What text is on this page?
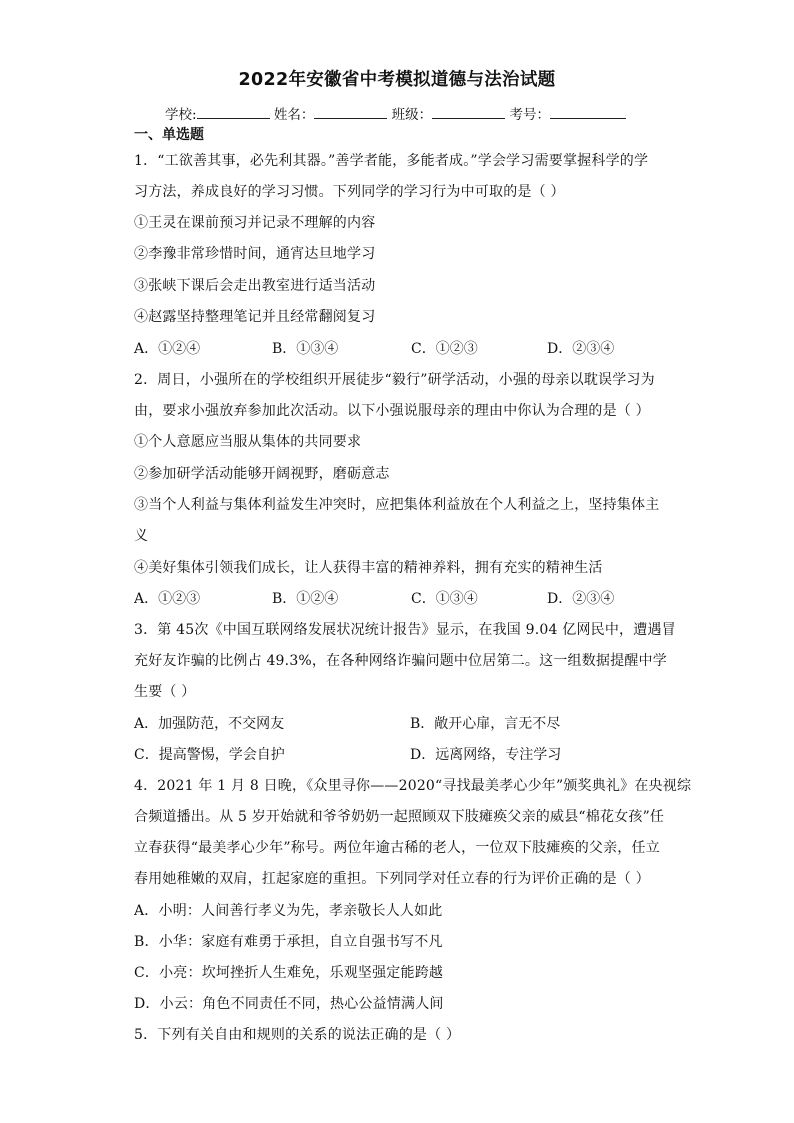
2022年安徽省中考模拟道德与法治试题
学校:	姓名：	班级：	考号：
一、单选题
1．“工欲善其事，必先利其器。”善学者能，多能者成。”学会学习需要掌握科学的学
习方法，养成良好的学习习惯。下列同学的学习行为中可取的是（ ）
①王灵在课前预习并记录不理解的内容
②李豫非常珍惜时间，通宵达旦地学习
③张峡下课后会走出教室进行适当活动
④赵露坚持整理笔记并且经常翻阅复习
A．①②④	B．①③④	C．①②③	D．②③④
2．周日，小强所在的学校组织开展徒步“毅行”研学活动，小强的母亲以耽误学习为
由，要求小强放弃参加此次活动。以下小强说服母亲的理由中你认为合理的是（ ）
①个人意愿应当服从集体的共同要求
②参加研学活动能够开阔视野，磨砺意志
③当个人利益与集体利益发生冲突时，应把集体利益放在个人利益之上，坚持集体主
义
④美好集体引领我们成长，让人获得丰富的精神养料，拥有充实的精神生活
A．①②③	B．①②④	C．①③④	D．②③④
3．第 45次《中国互联网络发展状况统计报告》显示，在我国 9.04 亿网民中，遭遇冒
充好友诈骗的比例占 49.3%，在各种网络诈骗问题中位居第二。这一组数据提醒中学
生要（ ）
A．加强防范，不交网友	B．敞开心扉，言无不尽
C．提高警惕，学会自护	D．远离网络，专注学习
4．2021 年 1 月 8 日晚，《众里寻你——2020“寻找最美孝心少年”颁奖典礼》在央视综
合频道播出。从 5 岁开始就和爷爷奶奶一起照顾双下肢瘫痪父亲的威县“棉花女孩”任
立春获得“最美孝心少年”称号。两位年逾古稀的老人，一位双下肢瘫痪的父亲，任立
春用她稚嫩的双肩，扛起家庭的重担。下列同学对任立春的行为评价正确的是（ ）
A．小明：人间善行孝义为先，孝亲敬长人人如此
B．小华：家庭有难勇于承担，自立自强书写不凡
C．小亮：坎坷挫折人生难免，乐观坚强定能跨越
D．小云：角色不同责任不同，热心公益情满人间
5．下列有关自由和规则的关系的说法正确的是（ ）
